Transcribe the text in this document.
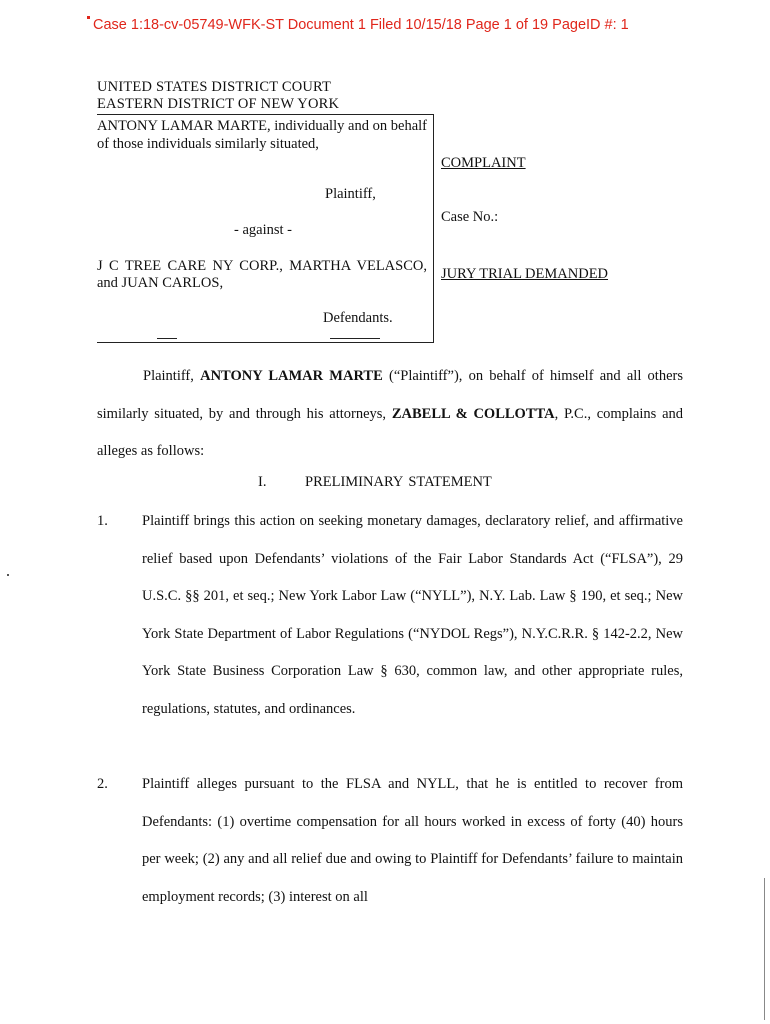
Case 1:18-cv-05749-WFK-ST Document 1 Filed 10/15/18 Page 1 of 19 PageID #: 1
UNITED STATES DISTRICT COURT
EASTERN DISTRICT OF NEW YORK
ANTONY LAMAR MARTE, individually and on behalf of those individuals similarly situated,
Plaintiff,
- against -
J C TREE CARE NY CORP., MARTHA VELASCO, and JUAN CARLOS,
Defendants.
COMPLAINT
Case No.:
JURY TRIAL DEMANDED
Plaintiff, ANTONY LAMAR MARTE (“Plaintiff”), on behalf of himself and all others similarly situated, by and through his attorneys, ZABELL & COLLOTTA, P.C., complains and alleges as follows:
I.	PRELIMINARY STATEMENT
1. Plaintiff brings this action on seeking monetary damages, declaratory relief, and affirmative relief based upon Defendants’ violations of the Fair Labor Standards Act (“FLSA”), 29 U.S.C. §§ 201, et seq.; New York Labor Law (“NYLL”), N.Y. Lab. Law § 190, et seq.; New York State Department of Labor Regulations (“NYDOL Regs”), N.Y.C.R.R. § 142-2.2, New York State Business Corporation Law § 630, common law, and other appropriate rules, regulations, statutes, and ordinances.
2. Plaintiff alleges pursuant to the FLSA and NYLL, that he is entitled to recover from Defendants: (1) overtime compensation for all hours worked in excess of forty (40) hours per week; (2) any and all relief due and owing to Plaintiff for Defendants’ failure to maintain employment records; (3) interest on all
